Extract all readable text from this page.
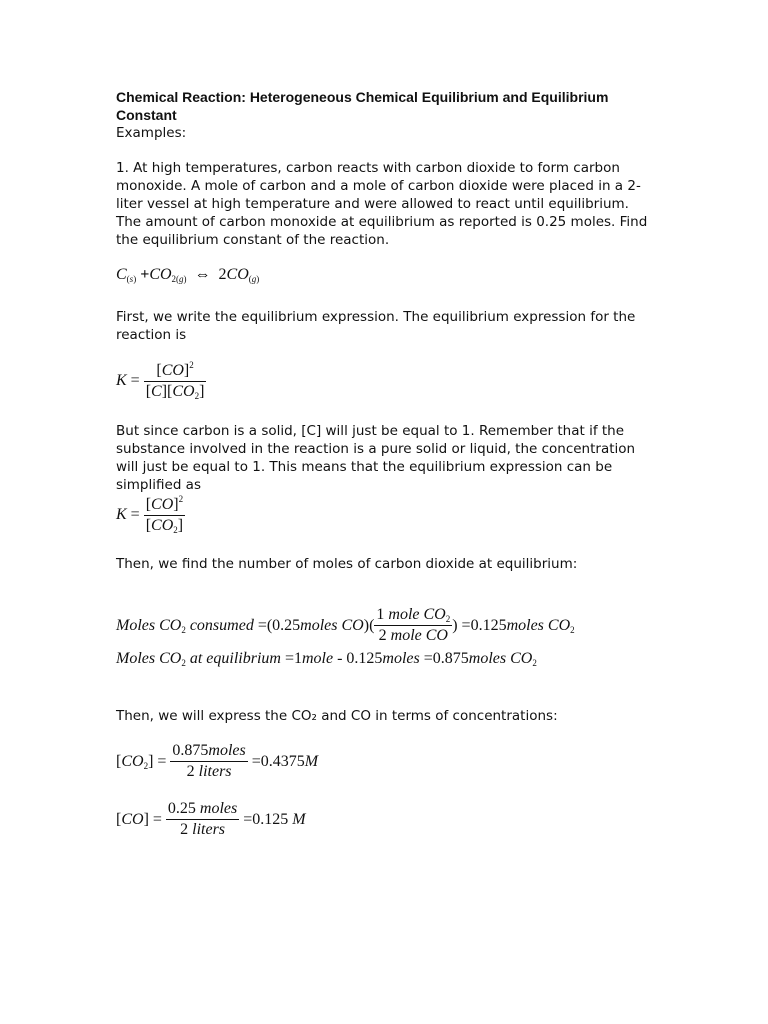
Chemical Reaction: Heterogeneous Chemical Equilibrium and Equilibrium Constant
Examples:
1. At high temperatures, carbon reacts with carbon dioxide to form carbon monoxide. A mole of carbon and a mole of carbon dioxide were placed in a 2-liter vessel at high temperature and were allowed to react until equilibrium. The amount of carbon monoxide at equilibrium as reported is 0.25 moles. Find the equilibrium constant of the reaction.
$C_{(s)} +CO_{2(g)}$  ⇔  $2CO_{(g)}$
First, we write the equilibrium expression. The equilibrium expression for the reaction is
$K = \frac{[CO]^2}{[C][CO_2]}$
But since carbon is a solid, [C] will just be equal to 1. Remember that if the substance involved in the reaction is a pure solid or liquid, the concentration will just be equal to 1. This means that the equilibrium expression can be simplified as
$K = \frac{[CO]^2}{[CO_2]}$
Then, we find the number of moles of carbon dioxide at equilibrium:
Moles $CO_2$ consumed =(0.25moles $CO)( \frac{1 mole CO_2}{\text{2 mole CO}}$ ) =0.125moles $CO_2$
Moles $CO_2$ at equilibrium =1mole - 0.125moles =0.875moles $CO_2$
Then, we will express the CO₂ and CO in terms of concentrations:
$[CO_2] = \frac{\text{0.875moles}}{\text{2 liters}} =0.4375M$
$[CO] = \frac{\text{0.25 moles}}{\text{2 liters}} =0.125$ M
